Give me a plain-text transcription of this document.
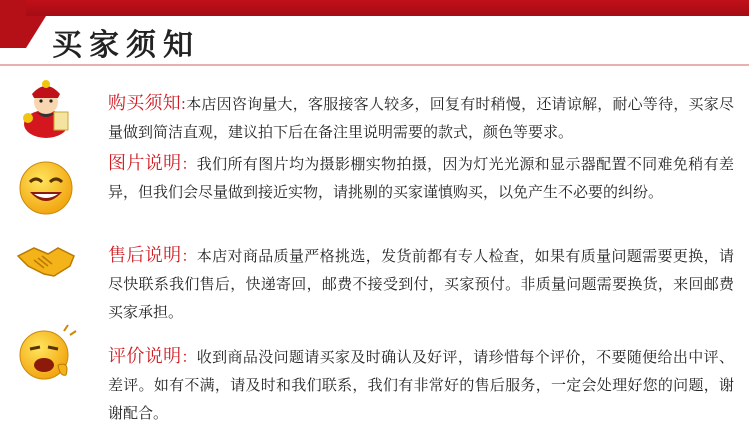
买家须知
购买须知:本店因咨询量大，客服接客人较多，回复有时稍慢，还请谅解，耐心等待，买家尽量做到简洁直观，建议拍下后在备注里说明需要的款式，颜色等要求。
图片说明：我们所有图片均为摄影棚实物拍摄，因为灯光光源和显示器配置不同难免稍有差异，但我们会尽量做到接近实物，请挑剔的买家谨慎购买，以免产生不必要的纠纷。
售后说明：本店对商品质量严格挑选，发货前都有专人检查，如果有质量问题需要更换，请尽快联系我们售后，快递寄回，邮费不接受到付，买家预付。非质量问题需要换货，来回邮费买家承担。
评价说明：收到商品没问题请买家及时确认及好评，请珍惜每个评价，不要随便给出中评、差评。如有不满，请及时和我们联系，我们有非常好的售后服务，一定会处理好您的问题，谢谢配合。
